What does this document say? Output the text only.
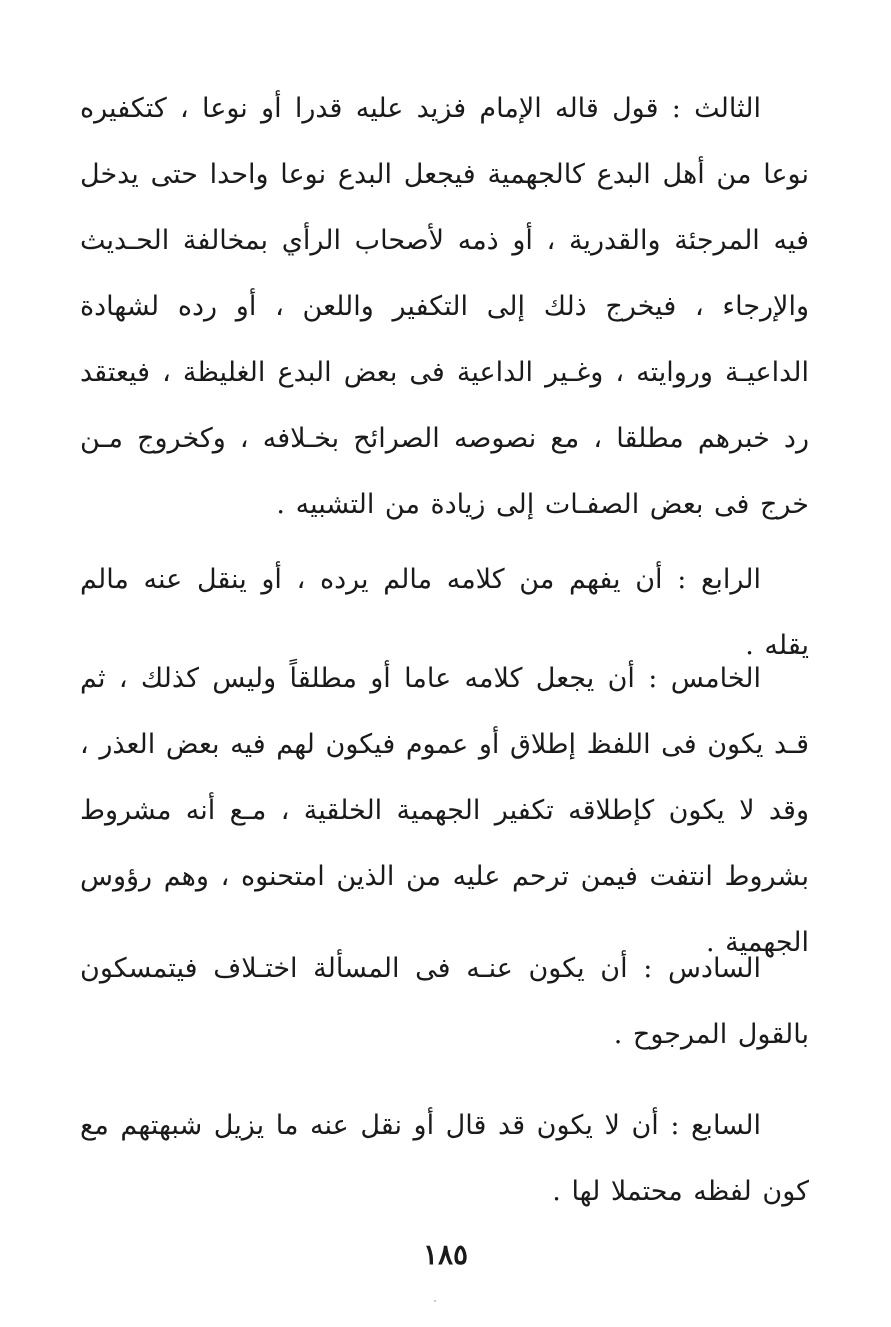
الثالث : قول قاله الإمام فزيد عليه قدرا أو نوعا ، كتكفيره نوعا من أهل البدع كالجهمية فيجعل البدع نوعا واحدا حتى يدخل فيه المرجئة والقدرية ، أو ذمه لأصحاب الرأي بمخالفة الحـديث والإرجاء ، فيخرج ذلك إلى التكفير واللعن ، أو رده لشهادة الداعيـة وروايته ، وغـير الداعية فى بعض البدع الغليظة ، فيعتقد رد خبرهم مطلقا ، مع نصوصه الصرائح بخـلافه ، وكخروج مـن خرج فى بعض الصفـات إلى زيادة من التشبيه .

الرابع : أن يفهم من كلامه مالم يرده ، أو ينقل عنه مالم يقله .

الخامس : أن يجعل كلامه عاما أو مطلقاً وليس كذلك ، ثم قـد يكون فى اللفظ إطلاق أو عموم فيكون لهم فيه بعض العذر ، وقد لا يكون كإطلاقه تكفير الجهمية الخلقية ، مـع أنه مشروط بشروط انتفت فيمن ترحم عليه من الذين امتحنوه ، وهم رؤوس الجهمية .

السادس : أن يكون عنـه فى المسألة اختـلاف فيتمسكون بالقول المرجوح .

السابع : أن لا يكون قد قال أو نقل عنه ما يزيل شبهتهم مع كون لفظه محتملا لها .

١٨٥
